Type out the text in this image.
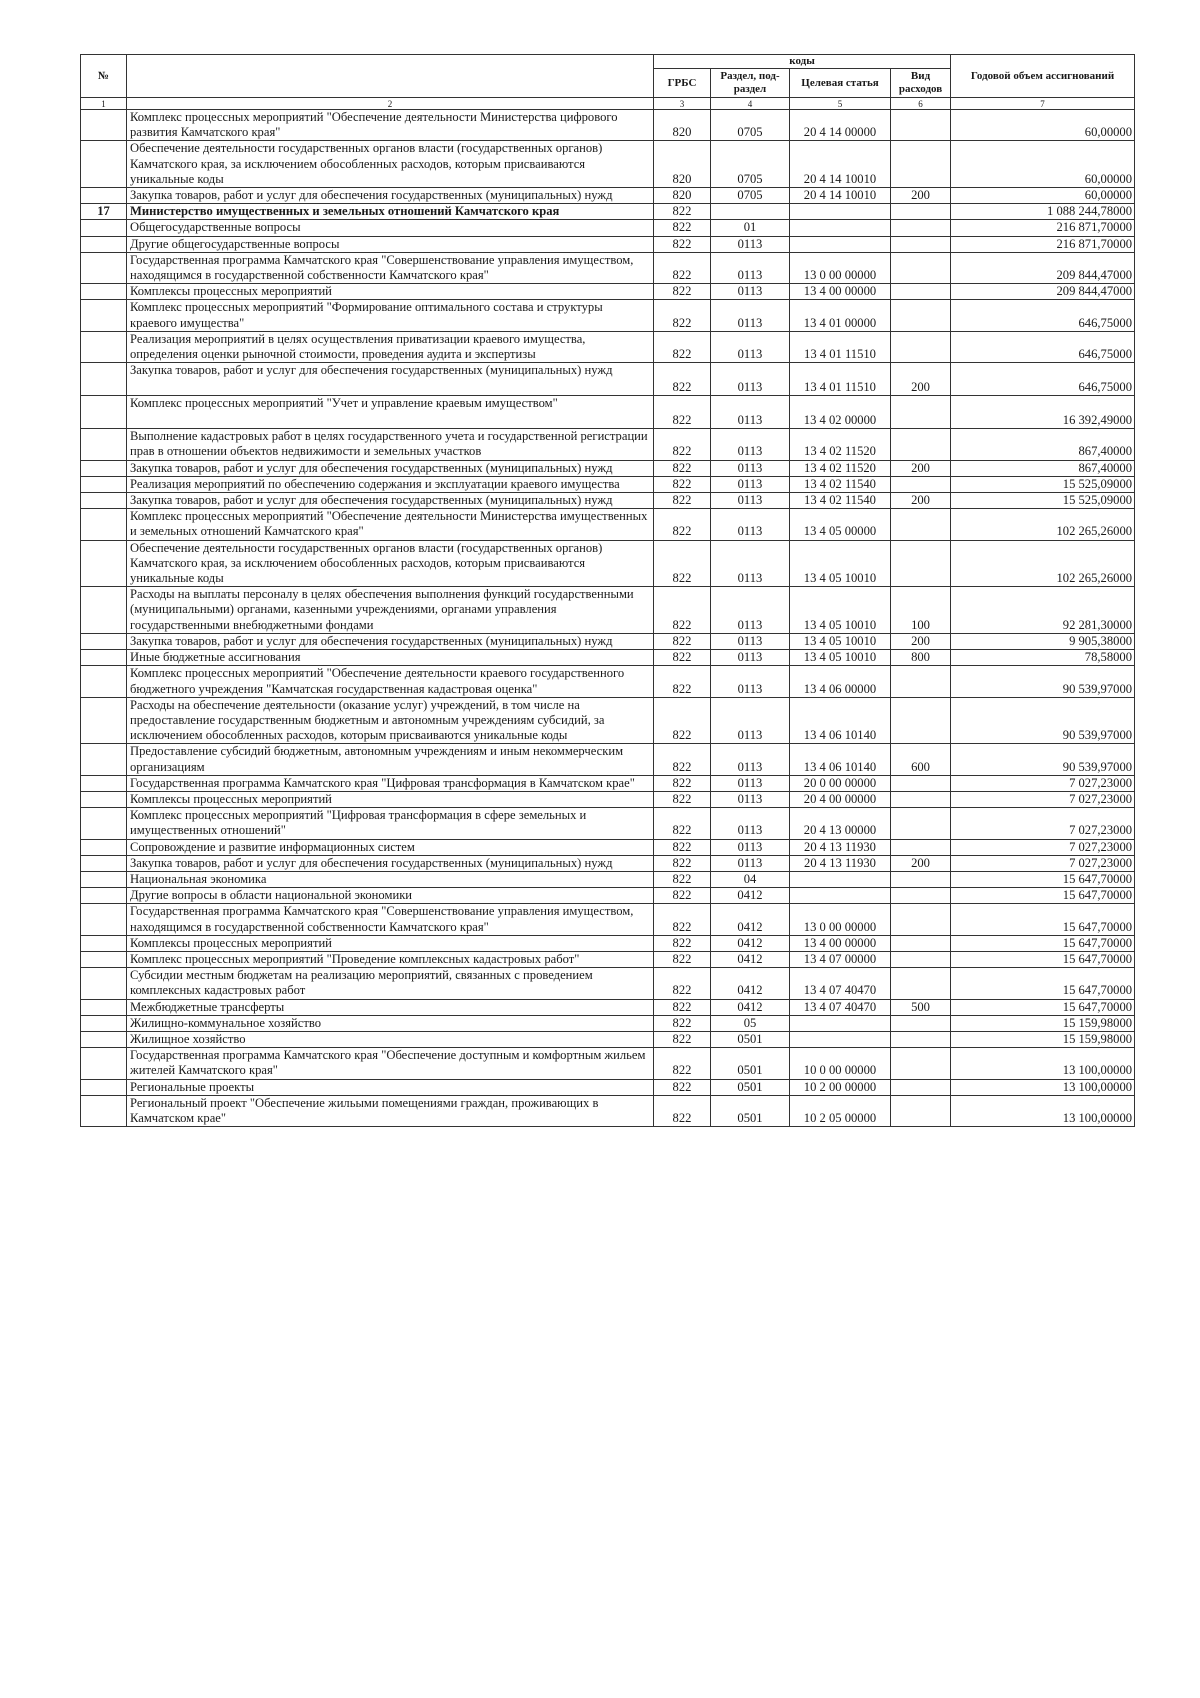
№		коды				Годовой объем ассигнований
		ГРБС	Раздел, под-раздел	Целевая статья	Вид расходов	
1	2	3	4	5	6	7
	Комплекс процессных мероприятий "Обеспечение деятельности Министерства цифрового развития Камчатского края"	820	0705	20 4 14 00000		60,00000
	Обеспечение деятельности государственных органов власти (государственных органов) Камчатского края, за исключением обособленных расходов, которым присваиваются уникальные коды	820	0705	20 4 14 10010		60,00000
	Закупка товаров, работ и услуг для обеспечения государственных (муниципальных) нужд	820	0705	20 4 14 10010	200	60,00000
17	Министерство имущественных и земельных отношений Камчатского края	822				1 088 244,78000
	Общегосударственные вопросы	822	01			216 871,70000
	Другие общегосударственные вопросы	822	0113			216 871,70000
	Государственная программа Камчатского края "Совершенствование управления имуществом, находящимся в государственной собственности Камчатского края"	822	0113	13 0 00 00000		209 844,47000
	Комплексы процессных мероприятий	822	0113	13 4 00 00000		209 844,47000
	Комплекс процессных мероприятий "Формирование оптимального состава и структуры краевого имущества"	822	0113	13 4 01 00000		646,75000
	Реализация мероприятий в целях осуществления приватизации краевого имущества, определения оценки рыночной стоимости, проведения аудита и экспертизы	822	0113	13 4 01 11510		646,75000
	Закупка товаров, работ и услуг для обеспечения государственных (муниципальных) нужд	822	0113	13 4 01 11510	200	646,75000
	Комплекс процессных мероприятий "Учет и управление краевым имуществом"	822	0113	13 4 02 00000		16 392,49000
	Выполнение кадастровых работ в целях государственного учета и государственной регистрации прав в отношении объектов недвижимости и земельных участков	822	0113	13 4 02 11520		867,40000
	Закупка товаров, работ и услуг для обеспечения государственных (муниципальных) нужд	822	0113	13 4 02 11520	200	867,40000
	Реализация мероприятий по обеспечению содержания и эксплуатации краевого имущества	822	0113	13 4 02 11540		15 525,09000
	Закупка товаров, работ и услуг для обеспечения государственных (муниципальных) нужд	822	0113	13 4 02 11540	200	15 525,09000
	Комплекс процессных мероприятий "Обеспечение деятельности Министерства имущественных и земельных отношений Камчатского края"	822	0113	13 4 05 00000		102 265,26000
	Обеспечение деятельности государственных органов власти (государственных органов) Камчатского края, за исключением обособленных расходов, которым присваиваются уникальные коды	822	0113	13 4 05 10010		102 265,26000
	Расходы на выплаты персоналу в целях обеспечения выполнения функций государственными (муниципальными) органами, казенными учреждениями, органами управления государственными внебюджетными фондами	822	0113	13 4 05 10010	100	92 281,30000
	Закупка товаров, работ и услуг для обеспечения государственных (муниципальных) нужд	822	0113	13 4 05 10010	200	9 905,38000
	Иные бюджетные ассигнования	822	0113	13 4 05 10010	800	78,58000
	Комплекс процессных мероприятий "Обеспечение деятельности краевого государственного бюджетного учреждения "Камчатская государственная кадастровая оценка"	822	0113	13 4 06 00000		90 539,97000
	Расходы на обеспечение деятельности (оказание услуг) учреждений, в том числе на предоставление государственным бюджетным и автономным учреждениям субсидий, за исключением обособленных расходов, которым присваиваются уникальные коды	822	0113	13 4 06 10140		90 539,97000
	Предоставление субсидий бюджетным, автономным учреждениям и иным некоммерческим организациям	822	0113	13 4 06 10140	600	90 539,97000
	Государственная программа Камчатского края "Цифровая трансформация в Камчатском крае"	822	0113	20 0 00 00000		7 027,23000
	Комплексы процессных мероприятий	822	0113	20 4 00 00000		7 027,23000
	Комплекс процессных мероприятий "Цифровая трансформация в сфере земельных и имущественных отношений"	822	0113	20 4 13 00000		7 027,23000
	Сопровождение и развитие информационных систем	822	0113	20 4 13 11930		7 027,23000
	Закупка товаров, работ и услуг для обеспечения государственных (муниципальных) нужд	822	0113	20 4 13 11930	200	7 027,23000
	Национальная экономика	822	04			15 647,70000
	Другие вопросы в области национальной экономики	822	0412			15 647,70000
	Государственная программа Камчатского края "Совершенствование управления имуществом, находящимся в государственной собственности Камчатского края"	822	0412	13 0 00 00000		15 647,70000
	Комплексы процессных мероприятий	822	0412	13 4 00 00000		15 647,70000
	Комплекс процессных мероприятий "Проведение комплексных кадастровых работ"	822	0412	13 4 07 00000		15 647,70000
	Субсидии местным бюджетам на реализацию мероприятий, связанных с проведением комплексных кадастровых работ	822	0412	13 4 07 40470		15 647,70000
	Межбюджетные трансферты	822	0412	13 4 07 40470	500	15 647,70000
	Жилищно-коммунальное хозяйство	822	05			15 159,98000
	Жилищное хозяйство	822	0501			15 159,98000
	Государственная программа Камчатского края "Обеспечение доступным и комфортным жильем жителей Камчатского края"	822	0501	10 0 00 00000		13 100,00000
	Региональные проекты	822	0501	10 2 00 00000		13 100,00000
	Региональный проект "Обеспечение жильыми помещениями граждан, проживающих в Камчатском крае"	822	0501	10 2 05 00000		13 100,00000
